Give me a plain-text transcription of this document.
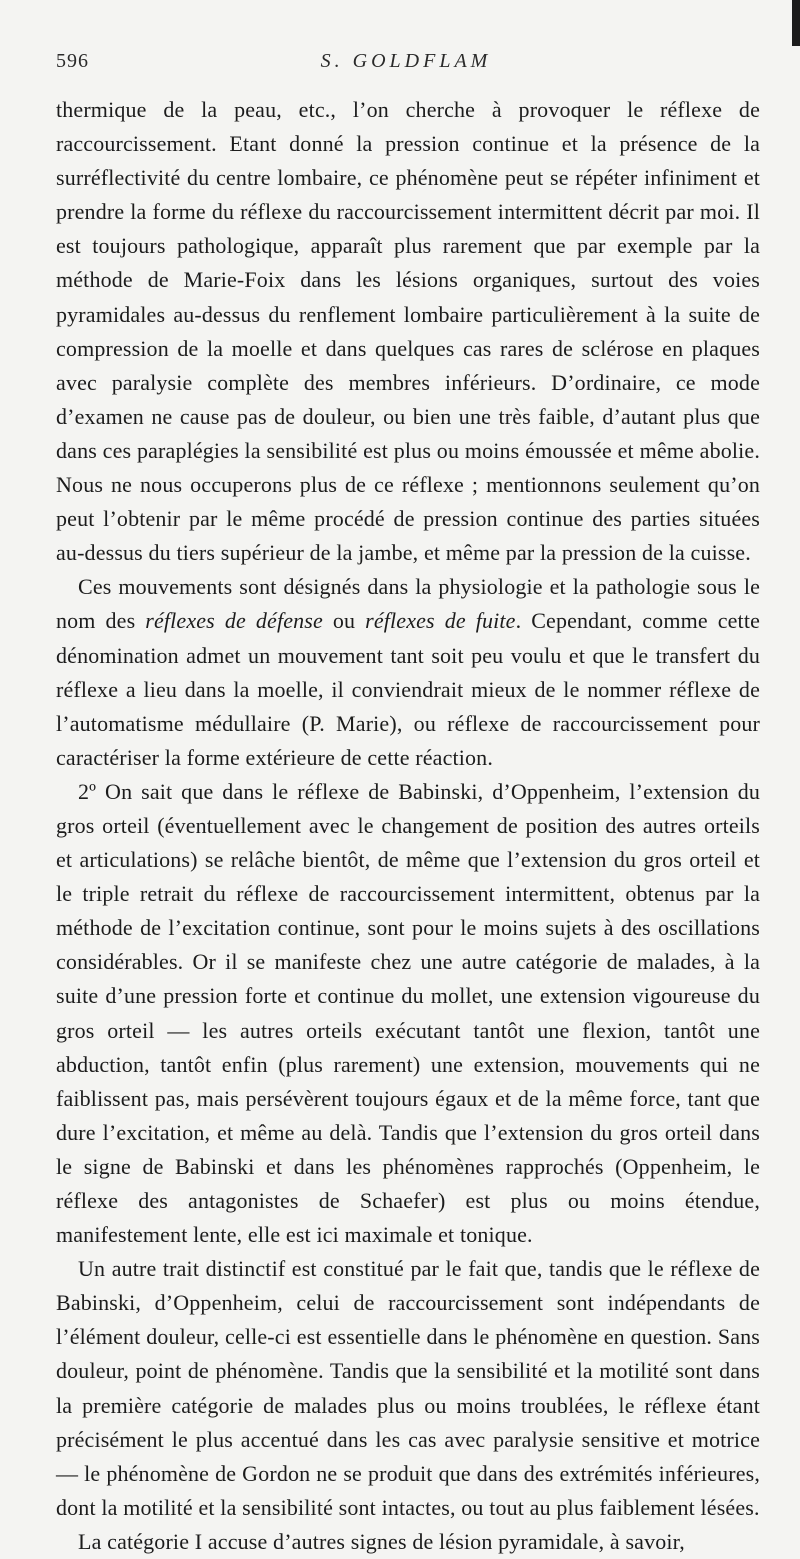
596	S. GOLDFLAM

thermique de la peau, etc., l’on cherche à provoquer le réflexe de raccourcissement. Etant donné la pression continue et la présence de la surréflectivité du centre lombaire, ce phénomène peut se répéter infiniment et prendre la forme du réflexe du raccourcissement intermittent décrit par moi. Il est toujours pathologique, apparaît plus rarement que par exemple par la méthode de Marie-Foix dans les lésions organiques, surtout des voies pyramidales au-dessus du renflement lombaire particulièrement à la suite de compression de la moelle et dans quelques cas rares de sclérose en plaques avec paralysie complète des membres inférieurs. D’ordinaire, ce mode d’examen ne cause pas de douleur, ou bien une très faible, d’autant plus que dans ces paraplégies la sensibilité est plus ou moins émoussée et même abolie. Nous ne nous occuperons plus de ce réflexe ; mentionnons seulement qu’on peut l’obtenir par le même procédé de pression continue des parties situées au-dessus du tiers supérieur de la jambe, et même par la pression de la cuisse.

Ces mouvements sont désignés dans la physiologie et la pathologie sous le nom des réflexes de défense ou réflexes de fuite. Cependant, comme cette dénomination admet un mouvement tant soit peu voulu et que le transfert du réflexe a lieu dans la moelle, il conviendrait mieux de le nommer réflexe de l’automatisme médullaire (P. Marie), ou réflexe de raccourcissement pour caractériser la forme extérieure de cette réaction.

2º On sait que dans le réflexe de Babinski, d’Oppenheim, l’extension du gros orteil (éventuellement avec le changement de position des autres orteils et articulations) se relâche bientôt, de même que l’extension du gros orteil et le triple retrait du réflexe de raccourcissement intermittent, obtenus par la méthode de l’excitation continue, sont pour le moins sujets à des oscillations considérables. Or il se manifeste chez une autre catégorie de malades, à la suite d’une pression forte et continue du mollet, une extension vigoureuse du gros orteil — les autres orteils exécutant tantôt une flexion, tantôt une abduction, tantôt enfin (plus rarement) une extension, mouvements qui ne faiblissent pas, mais persévèrent toujours égaux et de la même force, tant que dure l’excitation, et même au delà. Tandis que l’extension du gros orteil dans le signe de Babinski et dans les phénomènes rapprochés (Oppenheim, le réflexe des antagonistes de Schaefer) est plus ou moins étendue, manifestement lente, elle est ici maximale et tonique.

Un autre trait distinctif est constitué par le fait que, tandis que le réflexe de Babinski, d’Oppenheim, celui de raccourcissement sont indépendants de l’élément douleur, celle-ci est essentielle dans le phénomène en question. Sans douleur, point de phénomène. Tandis que la sensibilité et la motilité sont dans la première catégorie de malades plus ou moins troublées, le réflexe étant précisément le plus accentué dans les cas avec paralysie sensitive et motrice — le phénomène de Gordon ne se produit que dans des extrémités inférieures, dont la motilité et la sensibilité sont intactes, ou tout au plus faiblement lésées.

La catégorie I accuse d’autres signes de lésion pyramidale, à savoir,
